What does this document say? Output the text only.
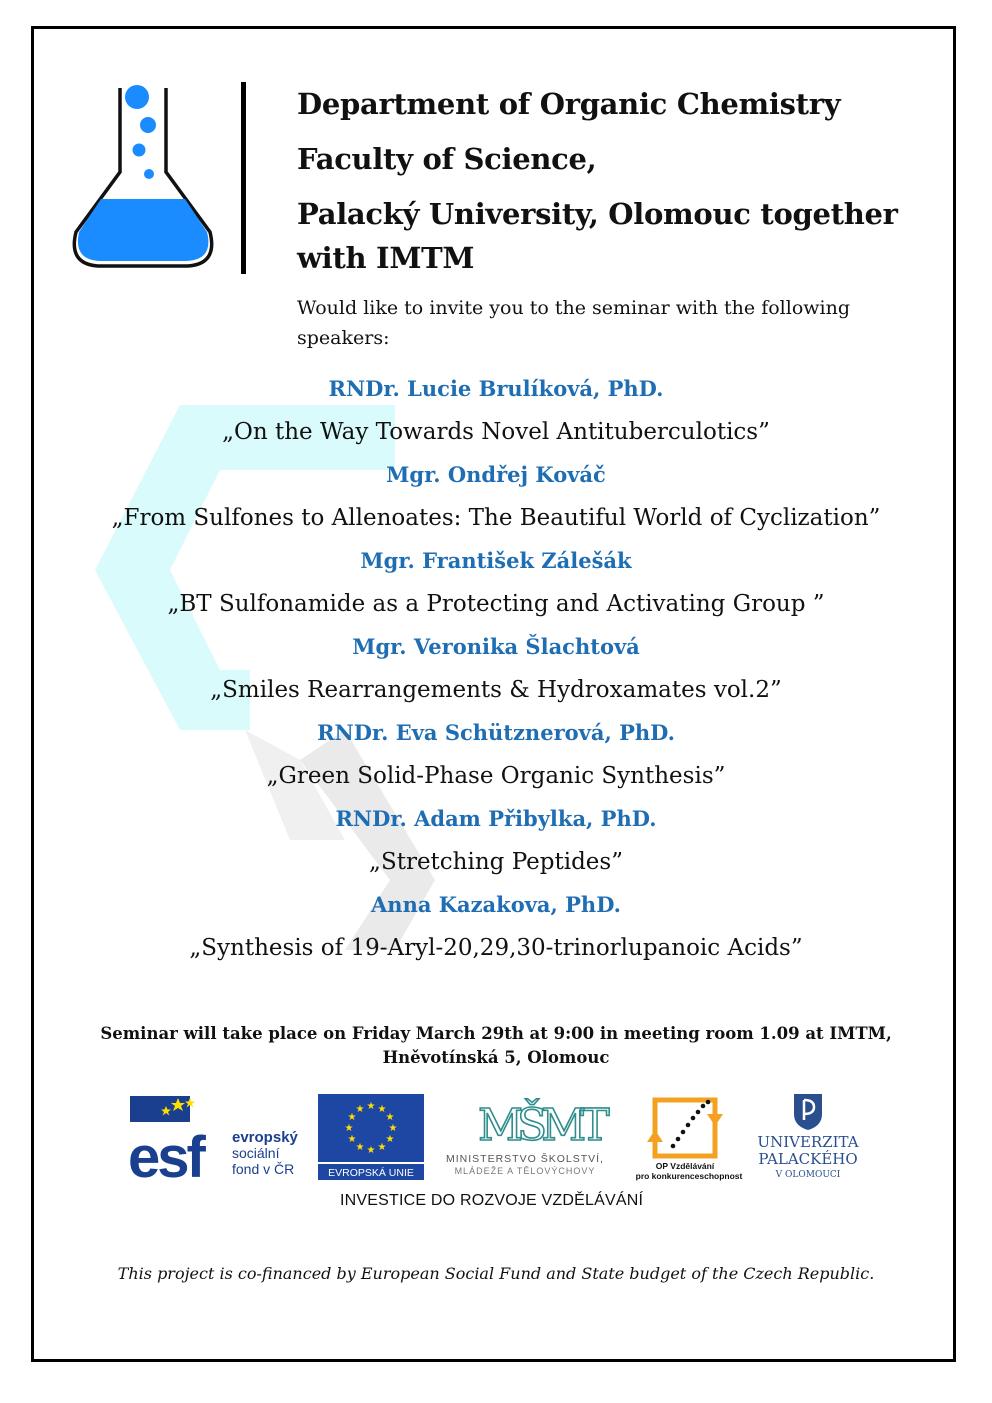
Department of Organic Chemistry
Faculty of Science,
Palacký University, Olomouc together with IMTM
Would like to invite you to the seminar with the following speakers:
RNDr. Lucie Brulíková, PhD.
„On the Way Towards Novel Antituberculotics”
Mgr. Ondřej Kováč
„From Sulfones to Allenoates: The Beautiful World of Cyclization”
Mgr. František Zálešák
„BT Sulfonamide as a Protecting and Activating Group ”
Mgr. Veronika Šlachtová
„Smiles Rearrangements & Hydroxamates vol.2”
RNDr. Eva Schütznerová, PhD.
„Green Solid-Phase Organic Synthesis”
RNDr. Adam Přibylka, PhD.
„Stretching Peptides”
Anna Kazakova, PhD.
„Synthesis of 19-Aryl-20,29,30-trinorlupanoic Acids”
Seminar will take place on Friday March 29th at 9:00 in meeting room 1.09 at IMTM,
Hněvotínská 5, Olomouc
esf evropský
sociální
fond v ČR
★ ★
★
★
★
★
★
★
★
★
★
★
EVROPSKÁ UNIE
MŠMT
MINISTERSTVO ŠKOLSTVÍ,
MLÁDEŽE A TĚLOVÝCHOVY	OP Vzdělávání
pro konkurenceschopnost
UNIVERZITA
PALACKÉHO
V OLOMOUCI
INVESTICE DO ROZVOJE VZDĚLÁVÁNÍ
This project is co-financed by European Social Fund and State budget of the Czech Republic.
